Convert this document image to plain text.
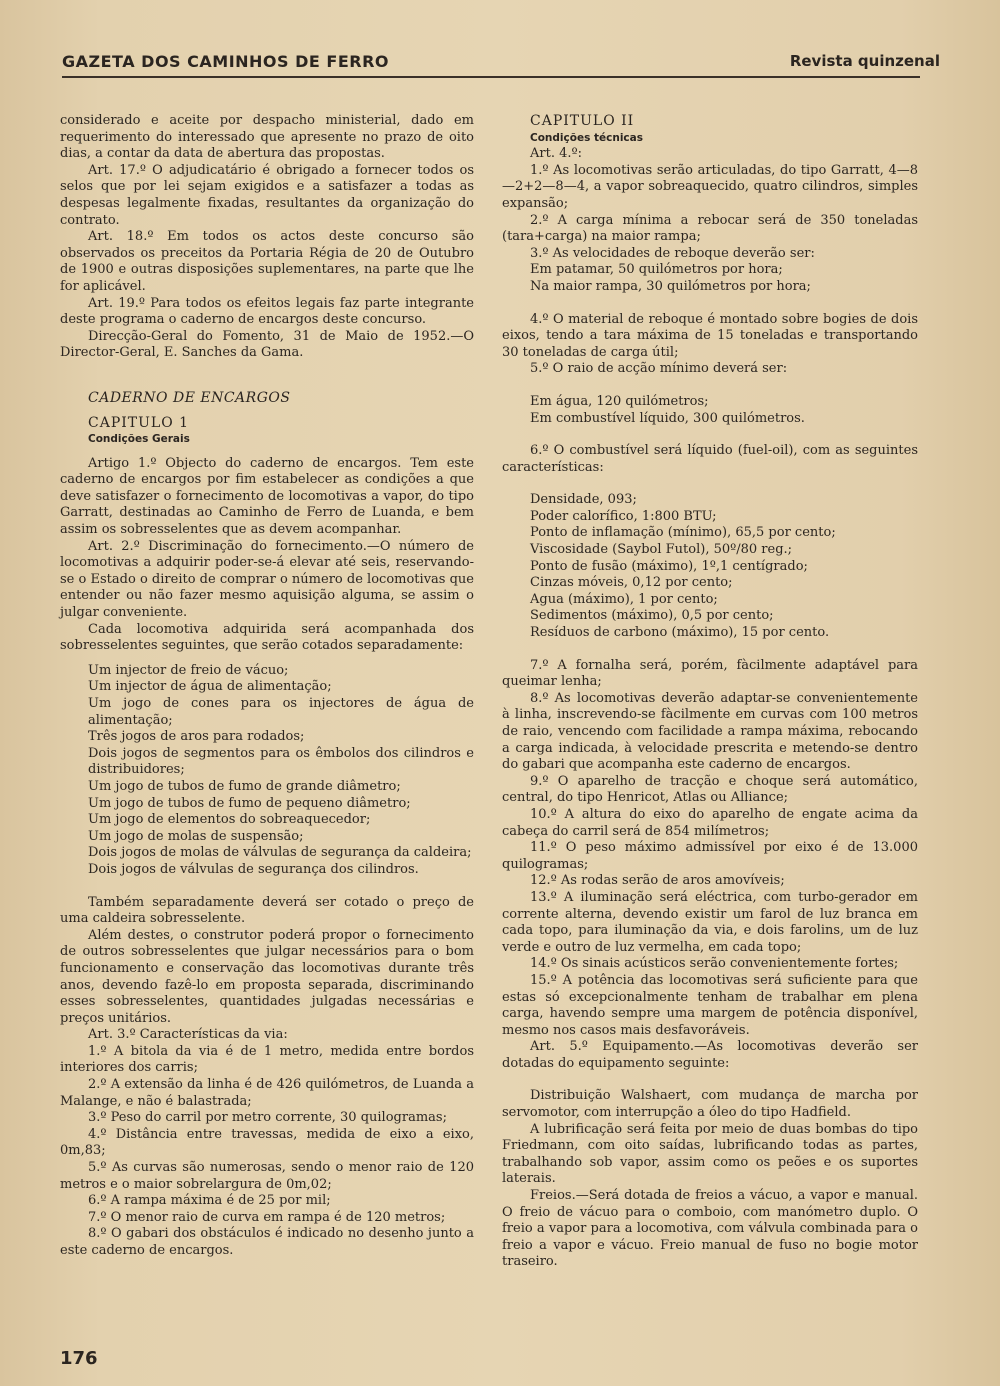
GAZETA DOS CAMINHOS DE FERRO	Revista quinzenal

considerado e aceite por despacho ministerial, dado em requerimento do interessado que apresente no prazo de oito dias, a contar da data de abertura das propostas.

Art. 17.º O adjudicatário é obrigado a fornecer todos os selos que por lei sejam exigidos e a satisfazer a todas as despesas legalmente fixadas, resultantes da organização do contrato.

Art. 18.º Em todos os actos deste concurso são observados os preceitos da Portaria Régia de 20 de Outubro de 1900 e outras disposições suplementares, na parte que lhe for aplicável.

Art. 19.º Para todos os efeitos legais faz parte integrante deste programa o caderno de encargos deste concurso.

Direcção-Geral do Fomento, 31 de Maio de 1952.—O Director-Geral, E. Sanches da Gama.

CADERNO DE ENCARGOS

CAPITULO 1

Condições Gerais

Artigo 1.º Objecto do caderno de encargos. Tem este caderno de encargos por fim estabelecer as condições a que deve satisfazer o fornecimento de locomotivas a vapor, do tipo Garratt, destinadas ao Caminho de Ferro de Luanda, e bem assim os sobresselentes que as devem acompanhar.

Art. 2.º Discriminação do fornecimento.—O número de locomotivas a adquirir poder-se-á elevar até seis, reservando-se o Estado o direito de comprar o número de locomotivas que entender ou não fazer mesmo aquisição alguma, se assim o julgar conveniente.

Cada locomotiva adquirida será acompanhada dos sobresselentes seguintes, que serão cotados separadamente:

Um injector de freio de vácuo;

Um injector de água de alimentação;

Um jogo de cones para os injectores de água de alimentação;

Três jogos de aros para rodados;

Dois jogos de segmentos para os êmbolos dos cilindros e distribuidores;

Um jogo de tubos de fumo de grande diâmetro;

Um jogo de tubos de fumo de pequeno diâmetro;

Um jogo de elementos do sobreaquecedor;

Um jogo de molas de suspensão;

Dois jogos de molas de válvulas de segurança da caldeira;

Dois jogos de válvulas de segurança dos cilindros.

Também separadamente deverá ser cotado o preço de uma caldeira sobresselente.

Além destes, o construtor poderá propor o fornecimento de outros sobresselentes que julgar necessários para o bom funcionamento e conservação das locomotivas durante três anos, devendo fazê-lo em proposta separada, discriminando esses sobresselentes, quantidades julgadas necessárias e preços unitários.

Art. 3.º Características da via:

1.º A bitola da via é de 1 metro, medida entre bordos interiores dos carris;

2.º A extensão da linha é de 426 quilómetros, de Luanda a Malange, e não é balastrada;

3.º Peso do carril por metro corrente, 30 quilogramas;

4.º Distância entre travessas, medida de eixo a eixo, 0m,83;

5.º As curvas são numerosas, sendo o menor raio de 120 metros e o maior sobrelargura de 0m,02;

6.º A rampa máxima é de 25 por mil;

7.º O menor raio de curva em rampa é de 120 metros;

8.º O gabari dos obstáculos é indicado no desenho junto a este caderno de encargos.

CAPITULO II

Condições técnicas

Art. 4.º:

1.º As locomotivas serão articuladas, do tipo Garratt, 4—8—2+2—8—4, a vapor sobreaquecido, quatro cilindros, simples expansão;

2.º A carga mínima a rebocar será de 350 toneladas (tara+carga) na maior rampa;

3.º As velocidades de reboque deverão ser:

Em patamar, 50 quilómetros por hora;

Na maior rampa, 30 quilómetros por hora;

4.º O material de reboque é montado sobre bogies de dois eixos, tendo a tara máxima de 15 toneladas e transportando 30 toneladas de carga útil;

5.º O raio de acção mínimo deverá ser:

Em água, 120 quilómetros;

Em combustível líquido, 300 quilómetros.

6.º O combustível será líquido (fuel-oil), com as seguintes características:

Densidade, 093;

Poder calorífico, 1:800 BTU;

Ponto de inflamação (mínimo), 65,5 por cento;

Viscosidade (Saybol Futol), 50º/80 reg.;

Ponto de fusão (máximo), 1º,1 centígrado;

Cinzas móveis, 0,12 por cento;

Agua (máximo), 1 por cento;

Sedimentos (máximo), 0,5 por cento;

Resíduos de carbono (máximo), 15 por cento.

7.º A fornalha será, porém, fàcilmente adaptável para queimar lenha;

8.º As locomotivas deverão adaptar-se convenientemente à linha, inscrevendo-se fàcilmente em curvas com 100 metros de raio, vencendo com facilidade a rampa máxima, rebocando a carga indicada, à velocidade prescrita e metendo-se dentro do gabari que acompanha este caderno de encargos.

9.º O aparelho de tracção e choque será automático, central, do tipo Henricot, Atlas ou Alliance;

10.º A altura do eixo do aparelho de engate acima da cabeça do carril será de 854 milímetros;

11.º O peso máximo admissível por eixo é de 13.000 quilogramas;

12.º As rodas serão de aros amovíveis;

13.º A iluminação será eléctrica, com turbo-gerador em corrente alterna, devendo existir um farol de luz branca em cada topo, para iluminação da via, e dois farolins, um de luz verde e outro de luz vermelha, em cada topo;

14.º Os sinais acústicos serão convenientemente fortes;

15.º A potência das locomotivas será suficiente para que estas só excepcionalmente tenham de trabalhar em plena carga, havendo sempre uma margem de potência disponível, mesmo nos casos mais desfavoráveis.

Art. 5.º Equipamento.—As locomotivas deverão ser dotadas do equipamento seguinte:

Distribuição Walshaert, com mudança de marcha por servomotor, com interrupção a óleo do tipo Hadfield.

A lubrificação será feita por meio de duas bombas do tipo Friedmann, com oito saídas, lubrificando todas as partes, trabalhando sob vapor, assim como os peões e os suportes laterais.

Freios.—Será dotada de freios a vácuo, a vapor e manual. O freio de vácuo para o comboio, com manómetro duplo. O freio a vapor para a locomotiva, com válvula combinada para o freio a vapor e vácuo. Freio manual de fuso no bogie motor traseiro.

176
